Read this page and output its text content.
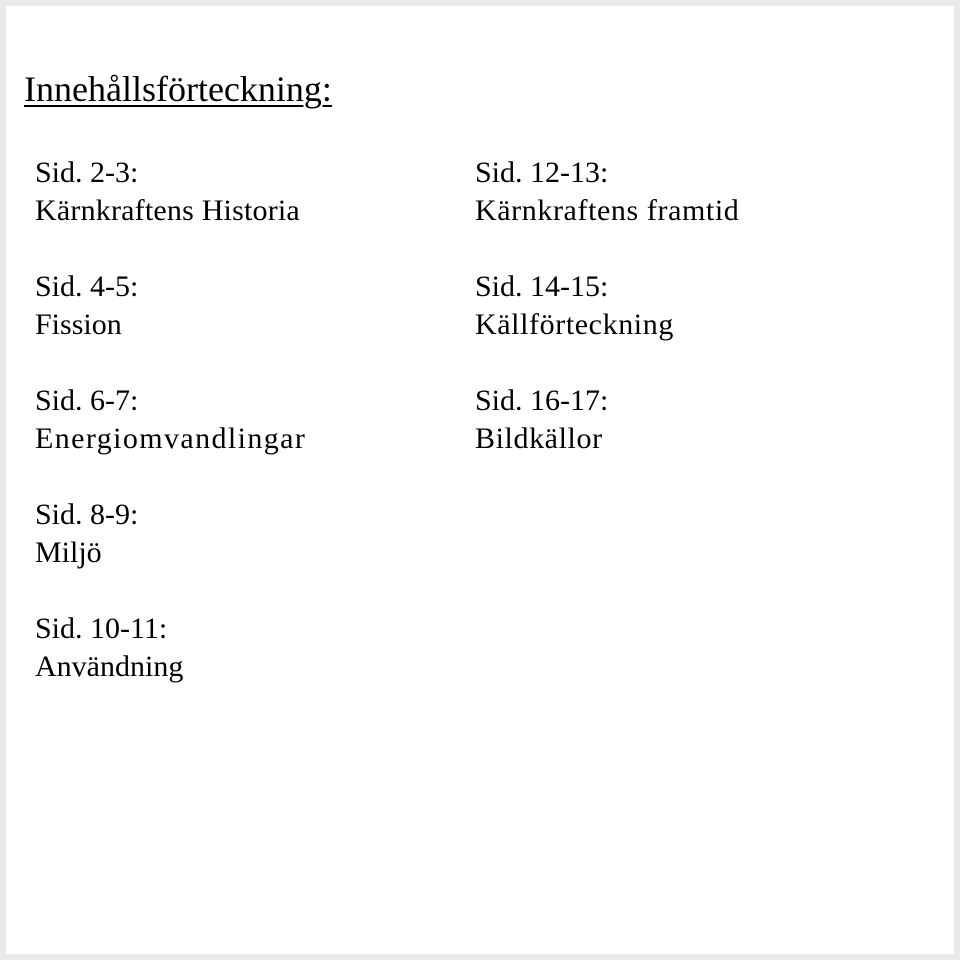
Innehållsförteckning:
Sid. 2-3:
Kärnkraftens Historia
Sid. 4-5:
Fission
Sid. 6-7:
Energiomvandlingar
Sid. 8-9:
Miljö
Sid. 10-11:
Användning
Sid. 12-13:
Kärnkraftens framtid
Sid. 14-15:
Källförteckning
Sid. 16-17:
Bildkällor
